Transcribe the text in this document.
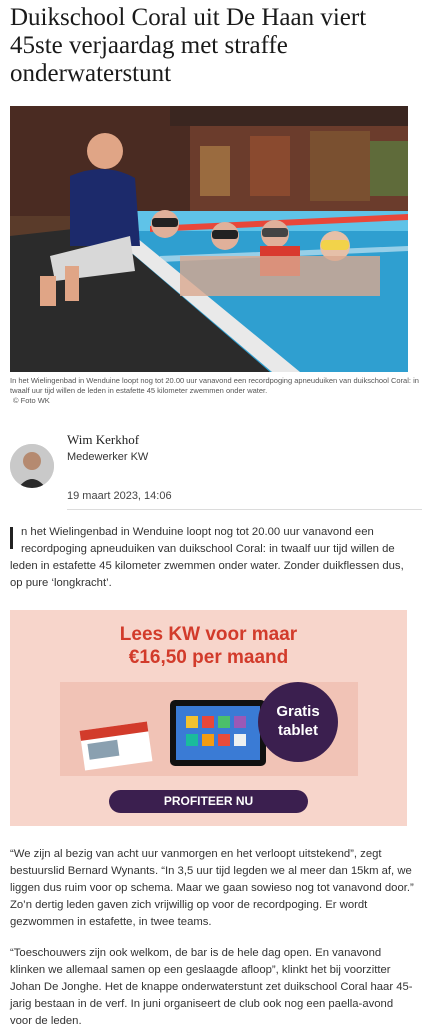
Duikschool Coral uit De Haan viert 45ste verjaardag met straffe onderwaterstunt
In het Wielingenbad in Wenduine loopt nog tot 20.00 uur vanavond een recordpoging apneuduiken van duikschool Coral: in twaalf uur tijd willen de leden in estafette 45 kilometer zwemmen onder water.
© Foto WK
Wim Kerkhof
Medewerker KW
19 maart 2023, 14:06

n het Wielingenbad in Wenduine loopt nog tot 20.00 uur vanavond een recordpoging apneuduiken van duikschool Coral: in twaalf uur tijd willen de leden in estafette 45 kilometer zwemmen onder water. Zonder duikflessen dus, op pure ‘longkracht’.

Lees KW voor maar
€16,50 per maand
Gratis
tablet
PROFITEER NU

“We zijn al bezig van acht uur vanmorgen en het verloopt uitstekend”, zegt bestuurslid Bernard Wynants. “In 3,5 uur tijd legden we al meer dan 15km af, we liggen dus ruim voor op schema. Maar we gaan sowieso nog tot vanavond door.” Zo’n dertig leden gaven zich vrijwillig op voor de recordpoging. Er wordt gezwommen in estafette, in twee teams.

“Toeschouwers zijn ook welkom, de bar is de hele dag open. En vanavond klinken we allemaal samen op een geslaagde afloop”, klinkt het bij voorzitter Johan De Jonghe. Het de knappe onderwaterstunt zet duikschool Coral haar 45-jarig bestaan in de verf. In juni organiseert de club ook nog een paella-avond voor de leden.
